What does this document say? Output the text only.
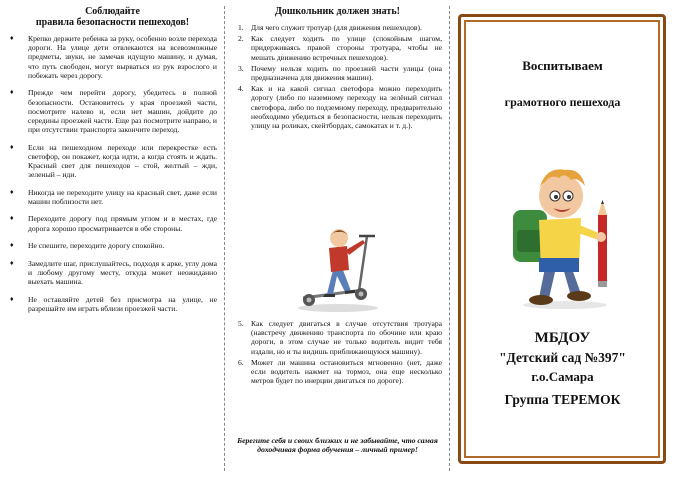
Соблюдайте
правила безопасности пешеходов!
♦ Крепко держите ребенка за руку, особенно возле перехода дороги. На улице дети отвлекаются на всевозможные предметы, звуки, не замечая идущую машину, и думая, что путь свободен, могут вырваться из рук взрослого и побежать через дорогу.
♦ Прежде чем перейти дорогу, убедитесь в полной безопасности. Остановитесь у края проезжей части, посмотрите налево и, если нет машин, дойдите до середины проезжей части. Еще раз посмотрите направо, и при отсутствии транспорта закончите переход.
♦ Если на пешеходном переходе или перекрестке есть светофор, он покажет, когда идти, а когда стоять и ждать. Красный свет для пешеходов – стой, желтый – жди, зеленый – иди.
♦ Никогда не переходите улицу на красный свет, даже если машин поблизости нет.
♦ Переходите дорогу под прямым углом и в местах, где дорога хорошо просматривается в обе стороны.
♦ Не спешите, переходите дорогу спокойно.
♦ Замедлите шаг, прислушайтесь, подходя к арке, углу дома и любому другому месту, откуда может неожиданно выехать машина.
♦ Не оставляйте детей без присмотра на улице, не разрешайте им играть вблизи проезжей части.
Дошкольник должен знать!
1. Для чего служит тротуар (для движения пешеходов).
2. Как следует ходить по улице (спокойным шагом, придерживаясь правой стороны тротуара, чтобы не мешать движению встречных пешеходов).
3. Почему нельзя ходить по проезжей части улицы (она предназначена для движения машин).
4. Как и на какой сигнал светофора можно переходить дорогу (либо по наземному переходу на зелёный сигнал светофора, либо по подземному переходу, предварительно необходимо убедиться в безопасности, нельзя переходить улицу на роликах, скейтбордах, самокатах и т. д.).
5. Как следует двигаться в случае отсутствия тротуара (навстречу движению транспорта по обочине или краю дороги, в этом случае не только водитель видит тебя издали, но и ты видишь приближающуюся машину).
6. Может ли машина остановиться мгновенно (нет, даже если водитель нажмет на тормоз, она еще несколько метров будет по инерции двигаться по дороге).
Берегите себя и своих близких и не забывайте, что самая доходчивая форма обучения – личный пример!
Воспитываем
грамотного пешехода
МБДОУ
"Детский сад №397"
г.о.Самара
Группа ТЕРЕМОК
